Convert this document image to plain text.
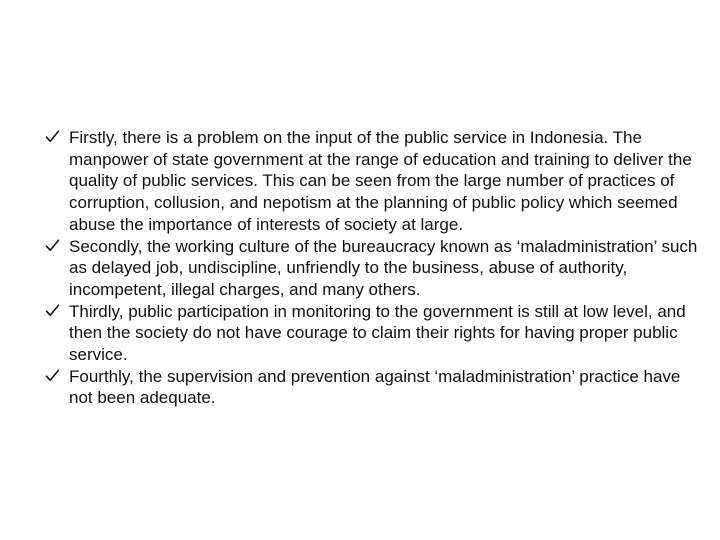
Firstly, there is a problem on the input of the public service in Indonesia. The manpower of state government at the range of education and training to deliver the quality of public services. This can be seen from the large number of practices of corruption, collusion, and nepotism at the planning of public policy which seemed abuse the importance of interests of society at large.
Secondly, the working culture of the bureaucracy known as ‘maladministration’ such as delayed job, undiscipline, unfriendly to the business, abuse of authority, incompetent, illegal charges, and many others.
Thirdly, public participation in monitoring to the government is still at low level, and then the society do not have courage to claim their rights for having proper public service.
Fourthly, the supervision and prevention against ‘maladministration’ practice have not been adequate.
